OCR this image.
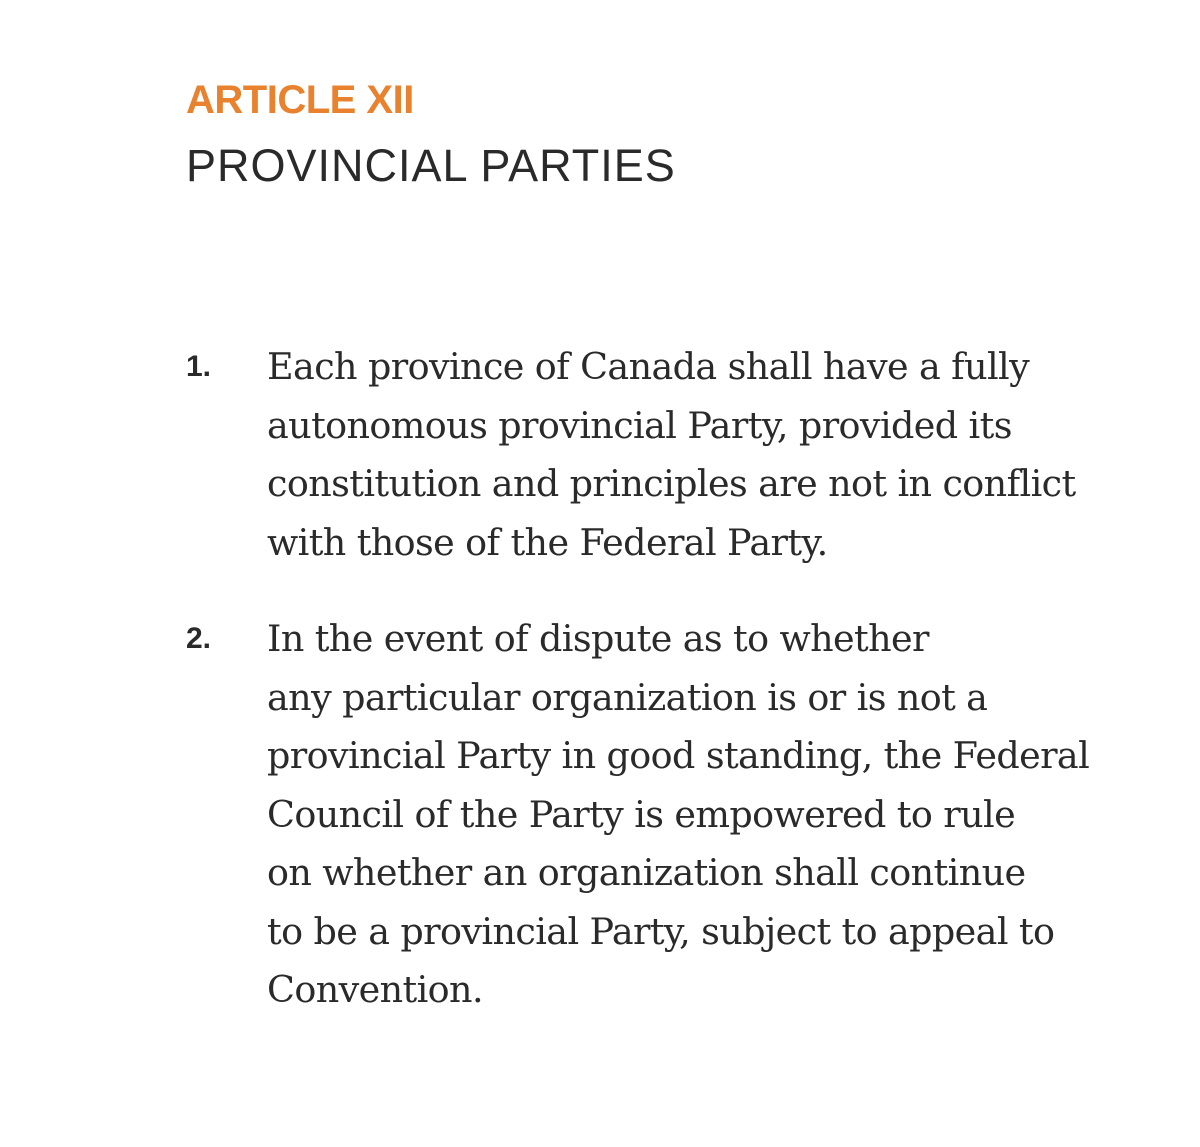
ARTICLE XII
PROVINCIAL PARTIES
1. Each province of Canada shall have a fully
autonomous provincial Party, provided its
constitution and principles are not in conflict
with those of the Federal Party.
2. In the event of dispute as to whether
any particular organization is or is not a
provincial Party in good standing, the Federal
Council of the Party is empowered to rule
on whether an organization shall continue
to be a provincial Party, subject to appeal to
Convention.
